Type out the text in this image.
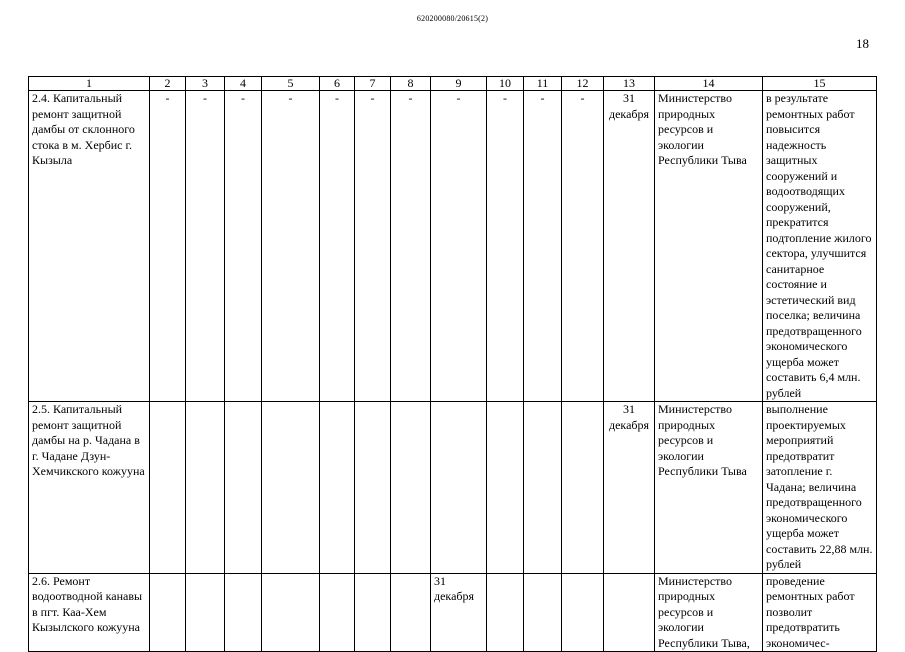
620200080/20615(2)
18
1	2	3	4	5	6	7	8	9	10	11	12	13	14	15
2.4. Капитальный ремонт защитной дамбы от склонного стока в м. Хербис г. Кызыла	-	-	-	-	-	-	-	-	-	-	-	31 декабря	Министерство природных ресурсов и экологии Республики Тыва	в результате ремонтных работ повысится надежность защитных сооружений и водоотводящих сооружений, прекратится подтопление жилого сектора, улучшится санитарное состояние и эстетический вид поселка; величина предотвращенного экономического ущерба может составить 6,4 млн. рублей
2.5. Капитальный ремонт защитной дамбы на р. Чадана в г. Чадане Дзун-Хемчикского кожууна												31 декабря	Министерство природных ресурсов и экологии Республики Тыва	выполнение проектируемых мероприятий предотвратит затопление г. Чадана; величина предотвращенного экономического ущерба может составить 22,88 млн. рублей
2.6. Ремонт водоотводной канавы в пгт. Каа-Хем Кызылского кожууна								31 декабря					Министерство природных ресурсов и экологии Республики Тыва,	проведение ремонтных работ позволит предотвратить экономичес-
